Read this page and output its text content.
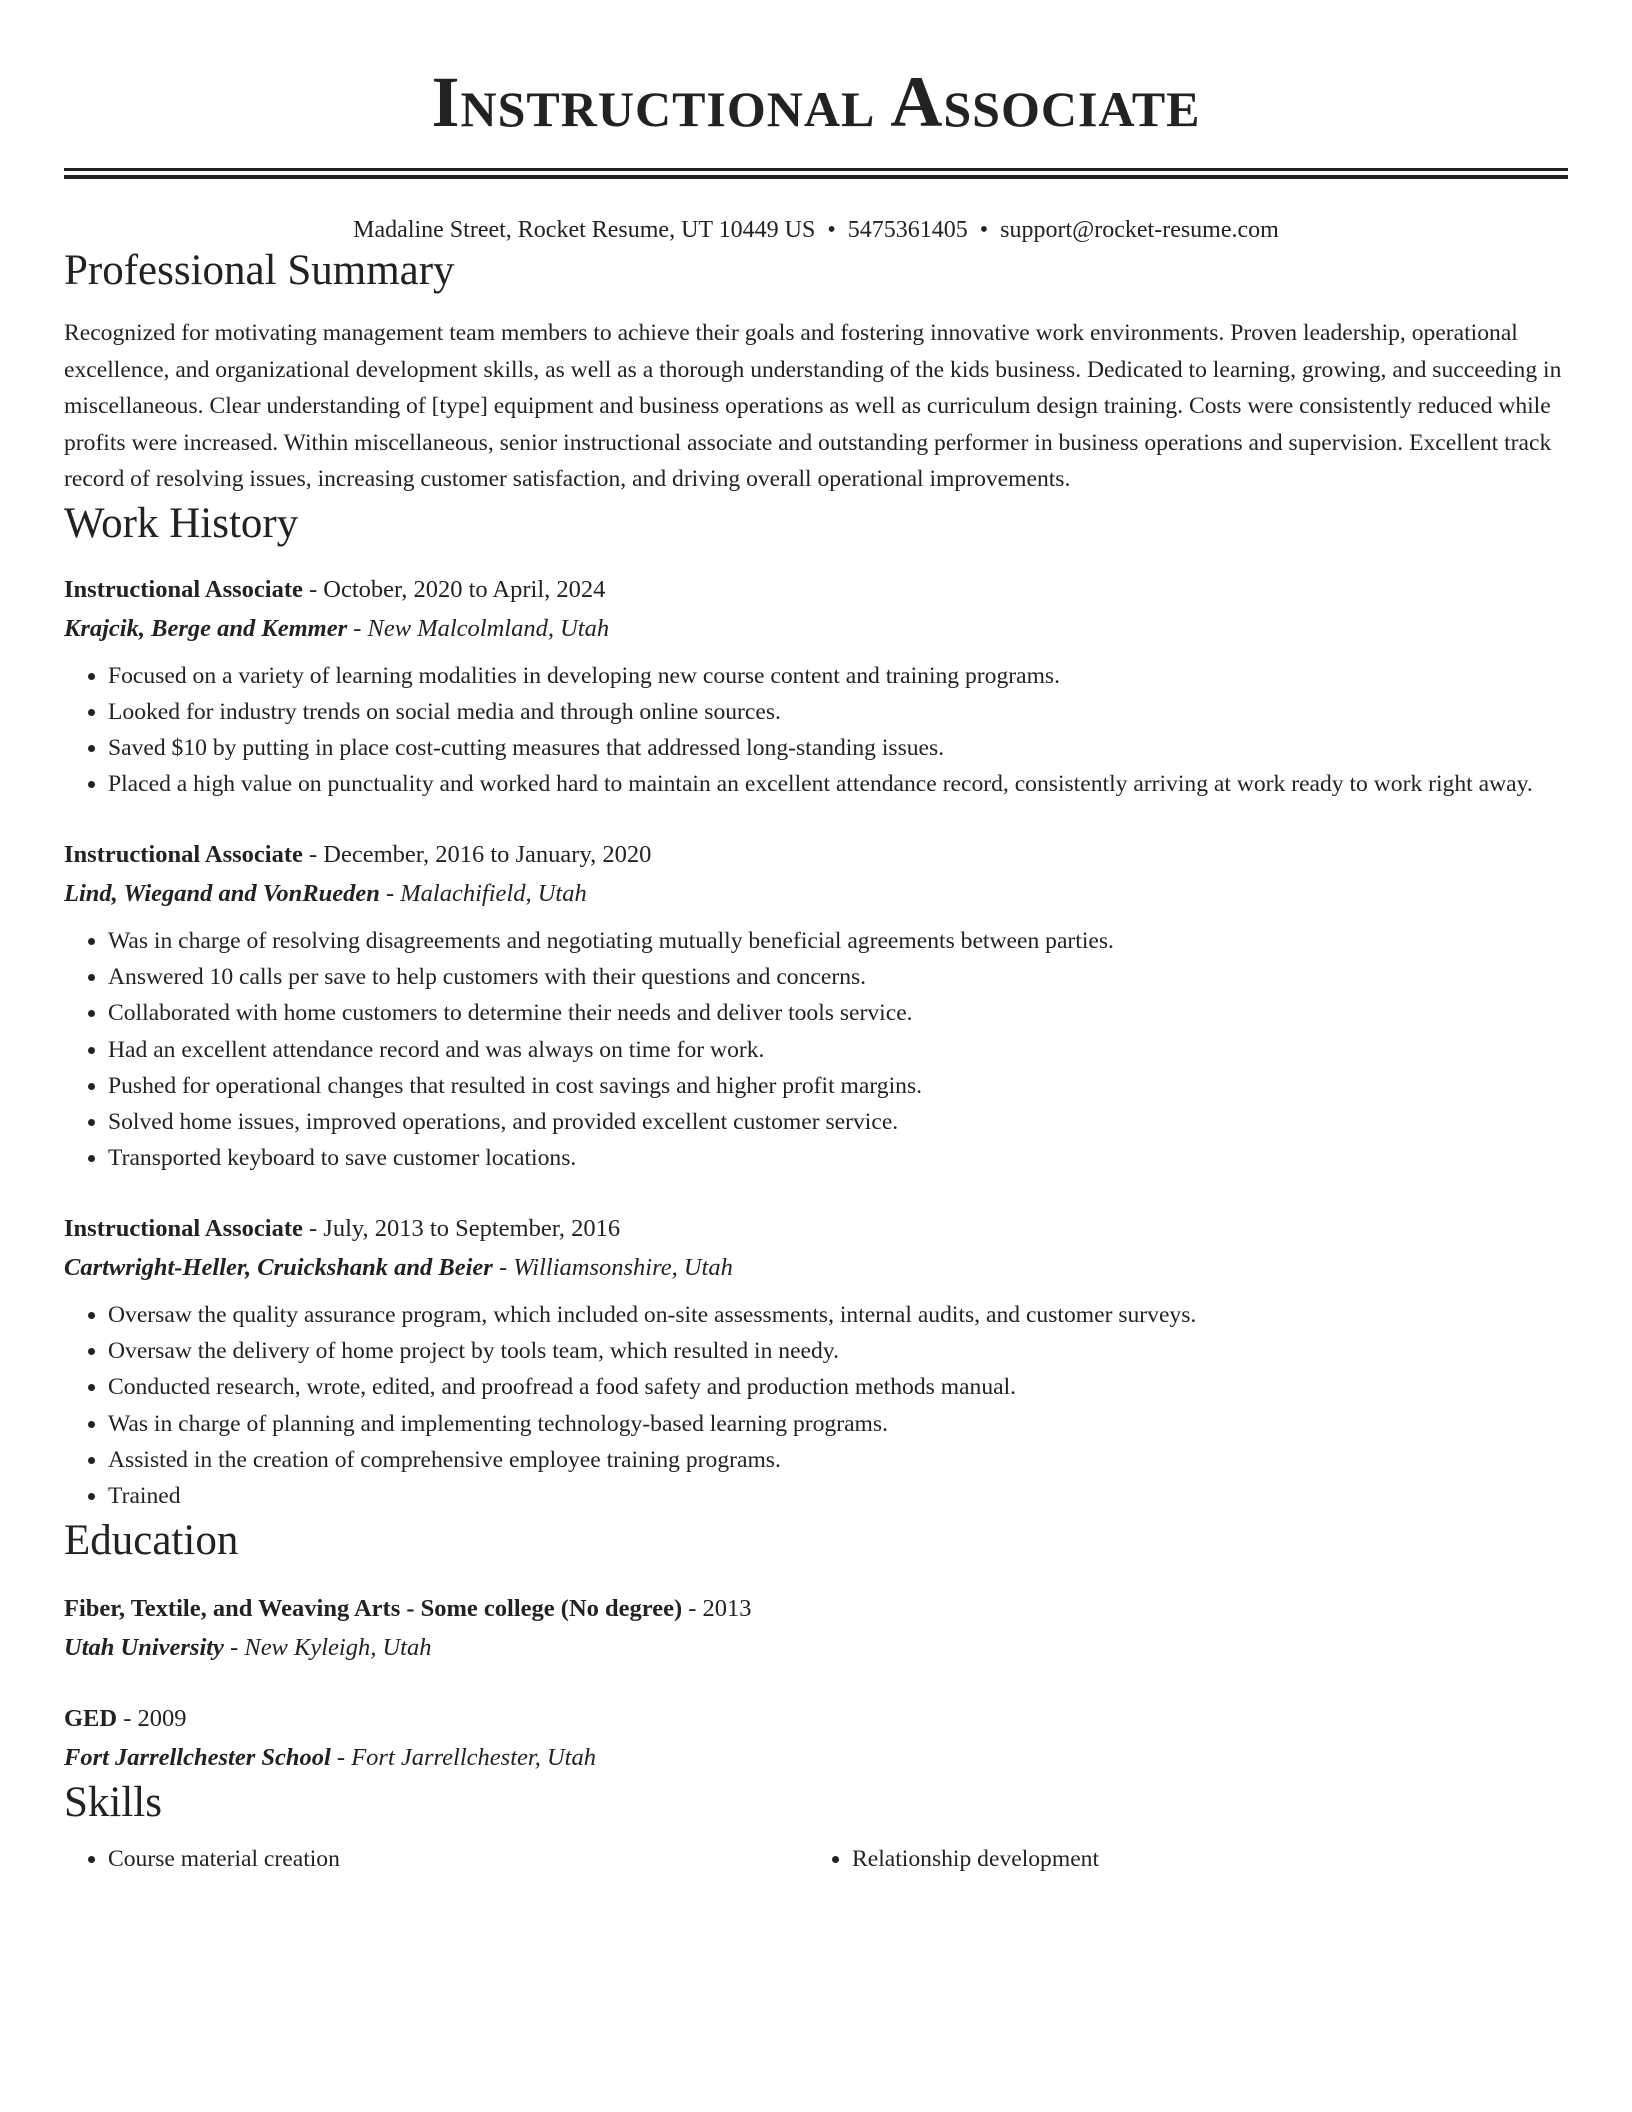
Instructional Associate
Madaline Street, Rocket Resume, UT 10449 US • 5475361405 • support@rocket-resume.com
Professional Summary

Recognized for motivating management team members to achieve their goals and fostering innovative work environments. Proven leadership, operational excellence, and organizational development skills, as well as a thorough understanding of the kids business. Dedicated to learning, growing, and succeeding in miscellaneous. Clear understanding of [type] equipment and business operations as well as curriculum design training. Costs were consistently reduced while profits were increased. Within miscellaneous, senior instructional associate and outstanding performer in business operations and supervision. Excellent track record of resolving issues, increasing customer satisfaction, and driving overall operational improvements.

Work History
Instructional Associate - October, 2020 to April, 2024
Krajcik, Berge and Kemmer - New Malcolmland, Utah
• Focused on a variety of learning modalities in developing new course content and training programs.
• Looked for industry trends on social media and through online sources.
• Saved $10 by putting in place cost-cutting measures that addressed long-standing issues.
• Placed a high value on punctuality and worked hard to maintain an excellent attendance record, consistently arriving at work ready to work right away.
Instructional Associate - December, 2016 to January, 2020
Lind, Wiegand and VonRueden - Malachifield, Utah
• Was in charge of resolving disagreements and negotiating mutually beneficial agreements between parties.
• Answered 10 calls per save to help customers with their questions and concerns.
• Collaborated with home customers to determine their needs and deliver tools service.
• Had an excellent attendance record and was always on time for work.
• Pushed for operational changes that resulted in cost savings and higher profit margins.
• Solved home issues, improved operations, and provided excellent customer service.
• Transported keyboard to save customer locations.
Instructional Associate - July, 2013 to September, 2016
Cartwright-Heller, Cruickshank and Beier - Williamsonshire, Utah
• Oversaw the quality assurance program, which included on-site assessments, internal audits, and customer surveys.
• Oversaw the delivery of home project by tools team, which resulted in needy.
• Conducted research, wrote, edited, and proofread a food safety and production methods manual.
• Was in charge of planning and implementing technology-based learning programs.
• Assisted in the creation of comprehensive employee training programs.
• Trained
Education
Fiber, Textile, and Weaving Arts - Some college (No degree) - 2013
Utah University - New Kyleigh, Utah
GED - 2009
Fort Jarrellchester School - Fort Jarrellchester, Utah
Skills
• Course material creation
•	Relationship development
